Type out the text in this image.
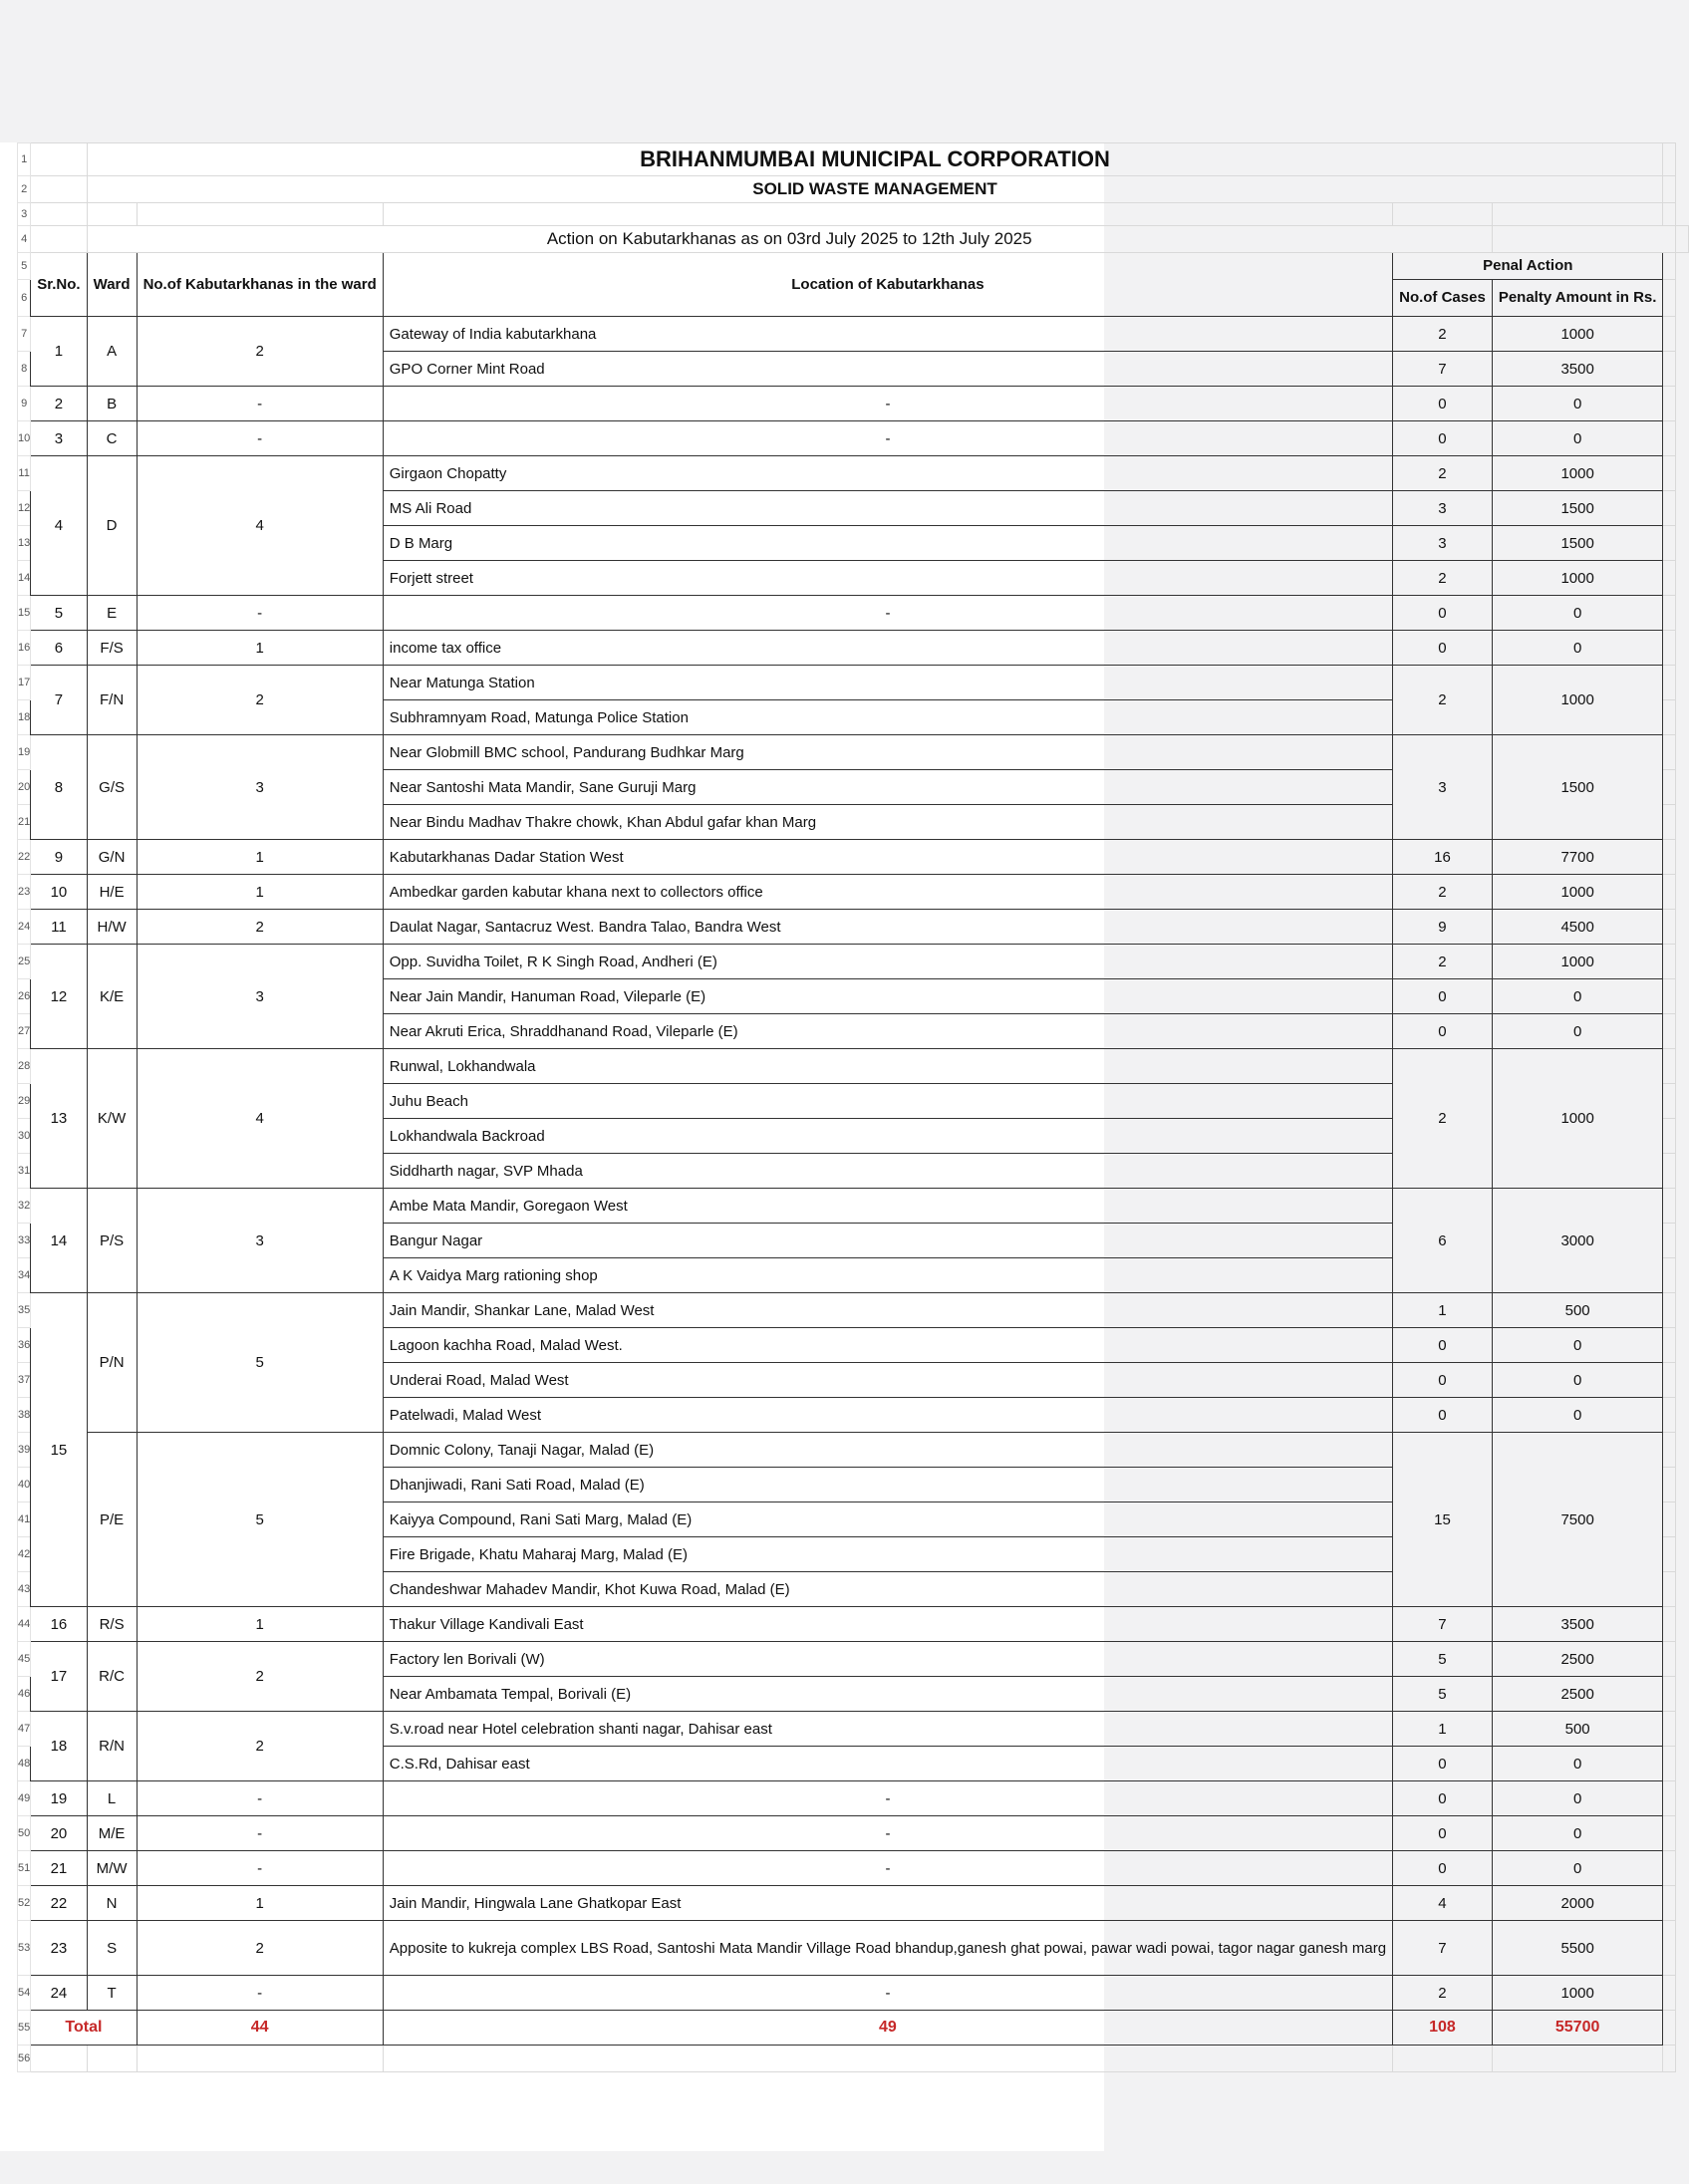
1		BRIHANMUMBAI MUNICIPAL CORPORATION						
2		SOLID WASTE MANAGEMENT						
3								
4		Action on Kabutarkhanas as on 03rd July 2025 to 12th July 2025						
5	Sr.No.	Ward	No.of Kabutarkhanas in the ward	Location of Kabutarkhanas	Penal Action			
6					No.of Cases	Penalty Amount in Rs.		
7	1	A	2	Gateway of India kabutarkhana	2	1000		
8				GPO Corner Mint Road	7	3500		
9	2	B	-	-	0	0		
10	3	C	-	-	0	0		
11	4	D	4	Girgaon Chopatty	2	1000		
12				MS Ali Road	3	1500		
13				D B Marg	3	1500		
14				Forjett street	2	1000		
15	5	E	-	-	0	0		
16	6	F/S	1	income tax office	0	0		
17	7	F/N	2	Near Matunga Station	2	1000		
18				Subhramnyam Road, Matunga Police Station				
19	8	G/S	3	Near Globmill BMC school, Pandurang Budhkar Marg	3	1500		
20				Near Santoshi Mata Mandir, Sane Guruji Marg				
21				Near Bindu Madhav Thakre chowk, Khan Abdul gafar khan Marg				
22	9	G/N	1	Kabutarkhanas Dadar Station West	16	7700		
23	10	H/E	1	Ambedkar garden kabutar khana next to collectors office	2	1000		
24	11	H/W	2	Daulat Nagar, Santacruz West. Bandra Talao, Bandra West	9	4500		
25	12	K/E	3	Opp. Suvidha Toilet, R K Singh Road, Andheri (E)	2	1000		
26				Near Jain Mandir, Hanuman Road, Vileparle (E)	0	0		
27				Near Akruti Erica, Shraddhanand Road, Vileparle (E)	0	0		
28	13	K/W	4	Runwal, Lokhandwala	2	1000		
29				Juhu Beach				
30				Lokhandwala Backroad				
31				Siddharth nagar, SVP Mhada				
32	14	P/S	3	Ambe Mata Mandir, Goregaon West	6	3000		
33				Bangur Nagar				
34				A K Vaidya Marg rationing shop				
35	15	P/N	5	Jain Mandir, Shankar Lane, Malad West	1	500		
36				Lagoon kachha Road, Malad West.	0	0		
37				Underai Road, Malad West	0	0		
38				Patelwadi, Malad West	0	0		
39		P/E	5	Domnic Colony, Tanaji Nagar, Malad (E)	15	7500		
40				Dhanjiwadi, Rani Sati Road, Malad (E)				
41				Kaiyya Compound, Rani Sati Marg, Malad (E)				
42				Fire Brigade, Khatu Maharaj Marg, Malad (E)				
43				Chandeshwar Mahadev Mandir, Khot Kuwa Road, Malad (E)				
44	16	R/S	1	Thakur Village Kandivali East	7	3500		
45	17	R/C	2	Factory len Borivali (W)	5	2500		
46				Near Ambamata Tempal, Borivali (E)	5	2500		
47	18	R/N	2	S.v.road near Hotel celebration shanti nagar, Dahisar east	1	500		
48				C.S.Rd, Dahisar east	0	0		
49	19	L	-	-	0	0		
50	20	M/E	-	-	0	0		
51	21	M/W	-	-	0	0		
52	22	N	1	Jain Mandir, Hingwala Lane Ghatkopar East	4	2000		
53	23	S	2	Apposite to kukreja complex LBS Road, Santoshi Mata Mandir Village Road bhandup,ganesh ghat powai, pawar wadi powai, tagor nagar ganesh marg	7	5500		
54	24	T	-	-	2	1000		
55	Total		44	49	108	55700		
56								
